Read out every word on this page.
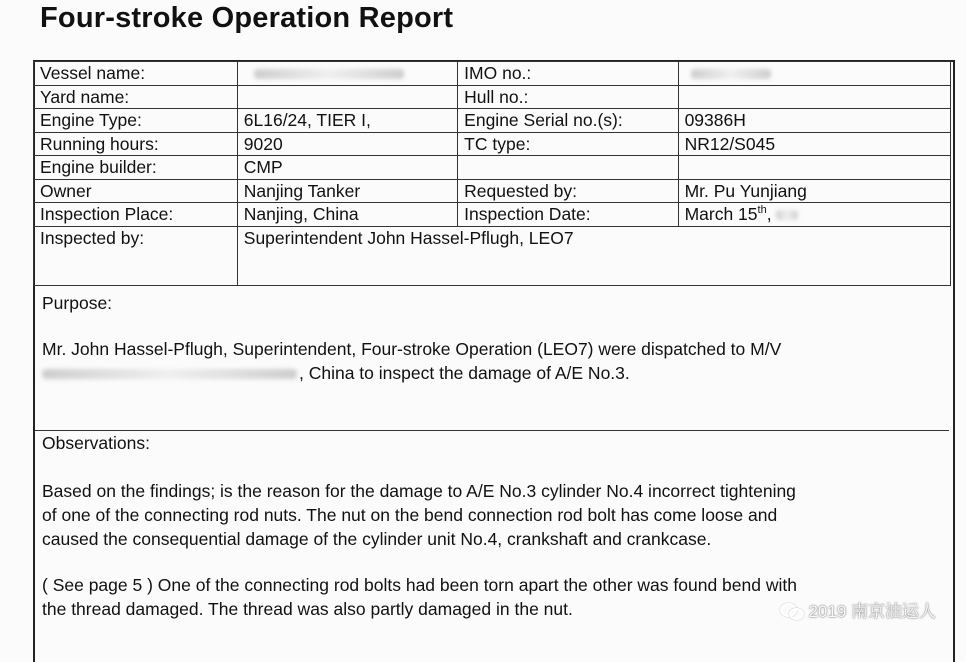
Four-stroke Operation Report
Vessel name:		IMO no.:	
Yard name:		Hull no.:	
Engine Type:	6L16/24, TIER I,	Engine Serial no.(s):	09386H
Running hours:	9020	TC type:	NR12/S045
Engine builder:	CMP		
Owner	Nanjing Tanker	Requested by:	Mr. Pu Yunjiang
Inspection Place:	Nanjing, China	Inspection Date:	March 15th,
Inspected by:	Superintendent John Hassel-Pflugh, LEO7		
Purpose:
Mr. John Hassel-Pflugh, Superintendent, Four-stroke Operation (LEO7) were dispatched to M/V
, China to inspect the damage of A/E No.3.
Observations:
Based on the findings; is the reason for the damage to A/E No.3 cylinder No.4 incorrect tightening
of one of the connecting rod nuts. The nut on the bend connection rod bolt has come loose and
caused the consequential damage of the cylinder unit No.4, crankshaft and crankcase.
( See page 5 ) One of the connecting rod bolts had been torn apart the other was found bend with
the thread damaged. The thread was also partly damaged in the nut.	2019 南京油运人
